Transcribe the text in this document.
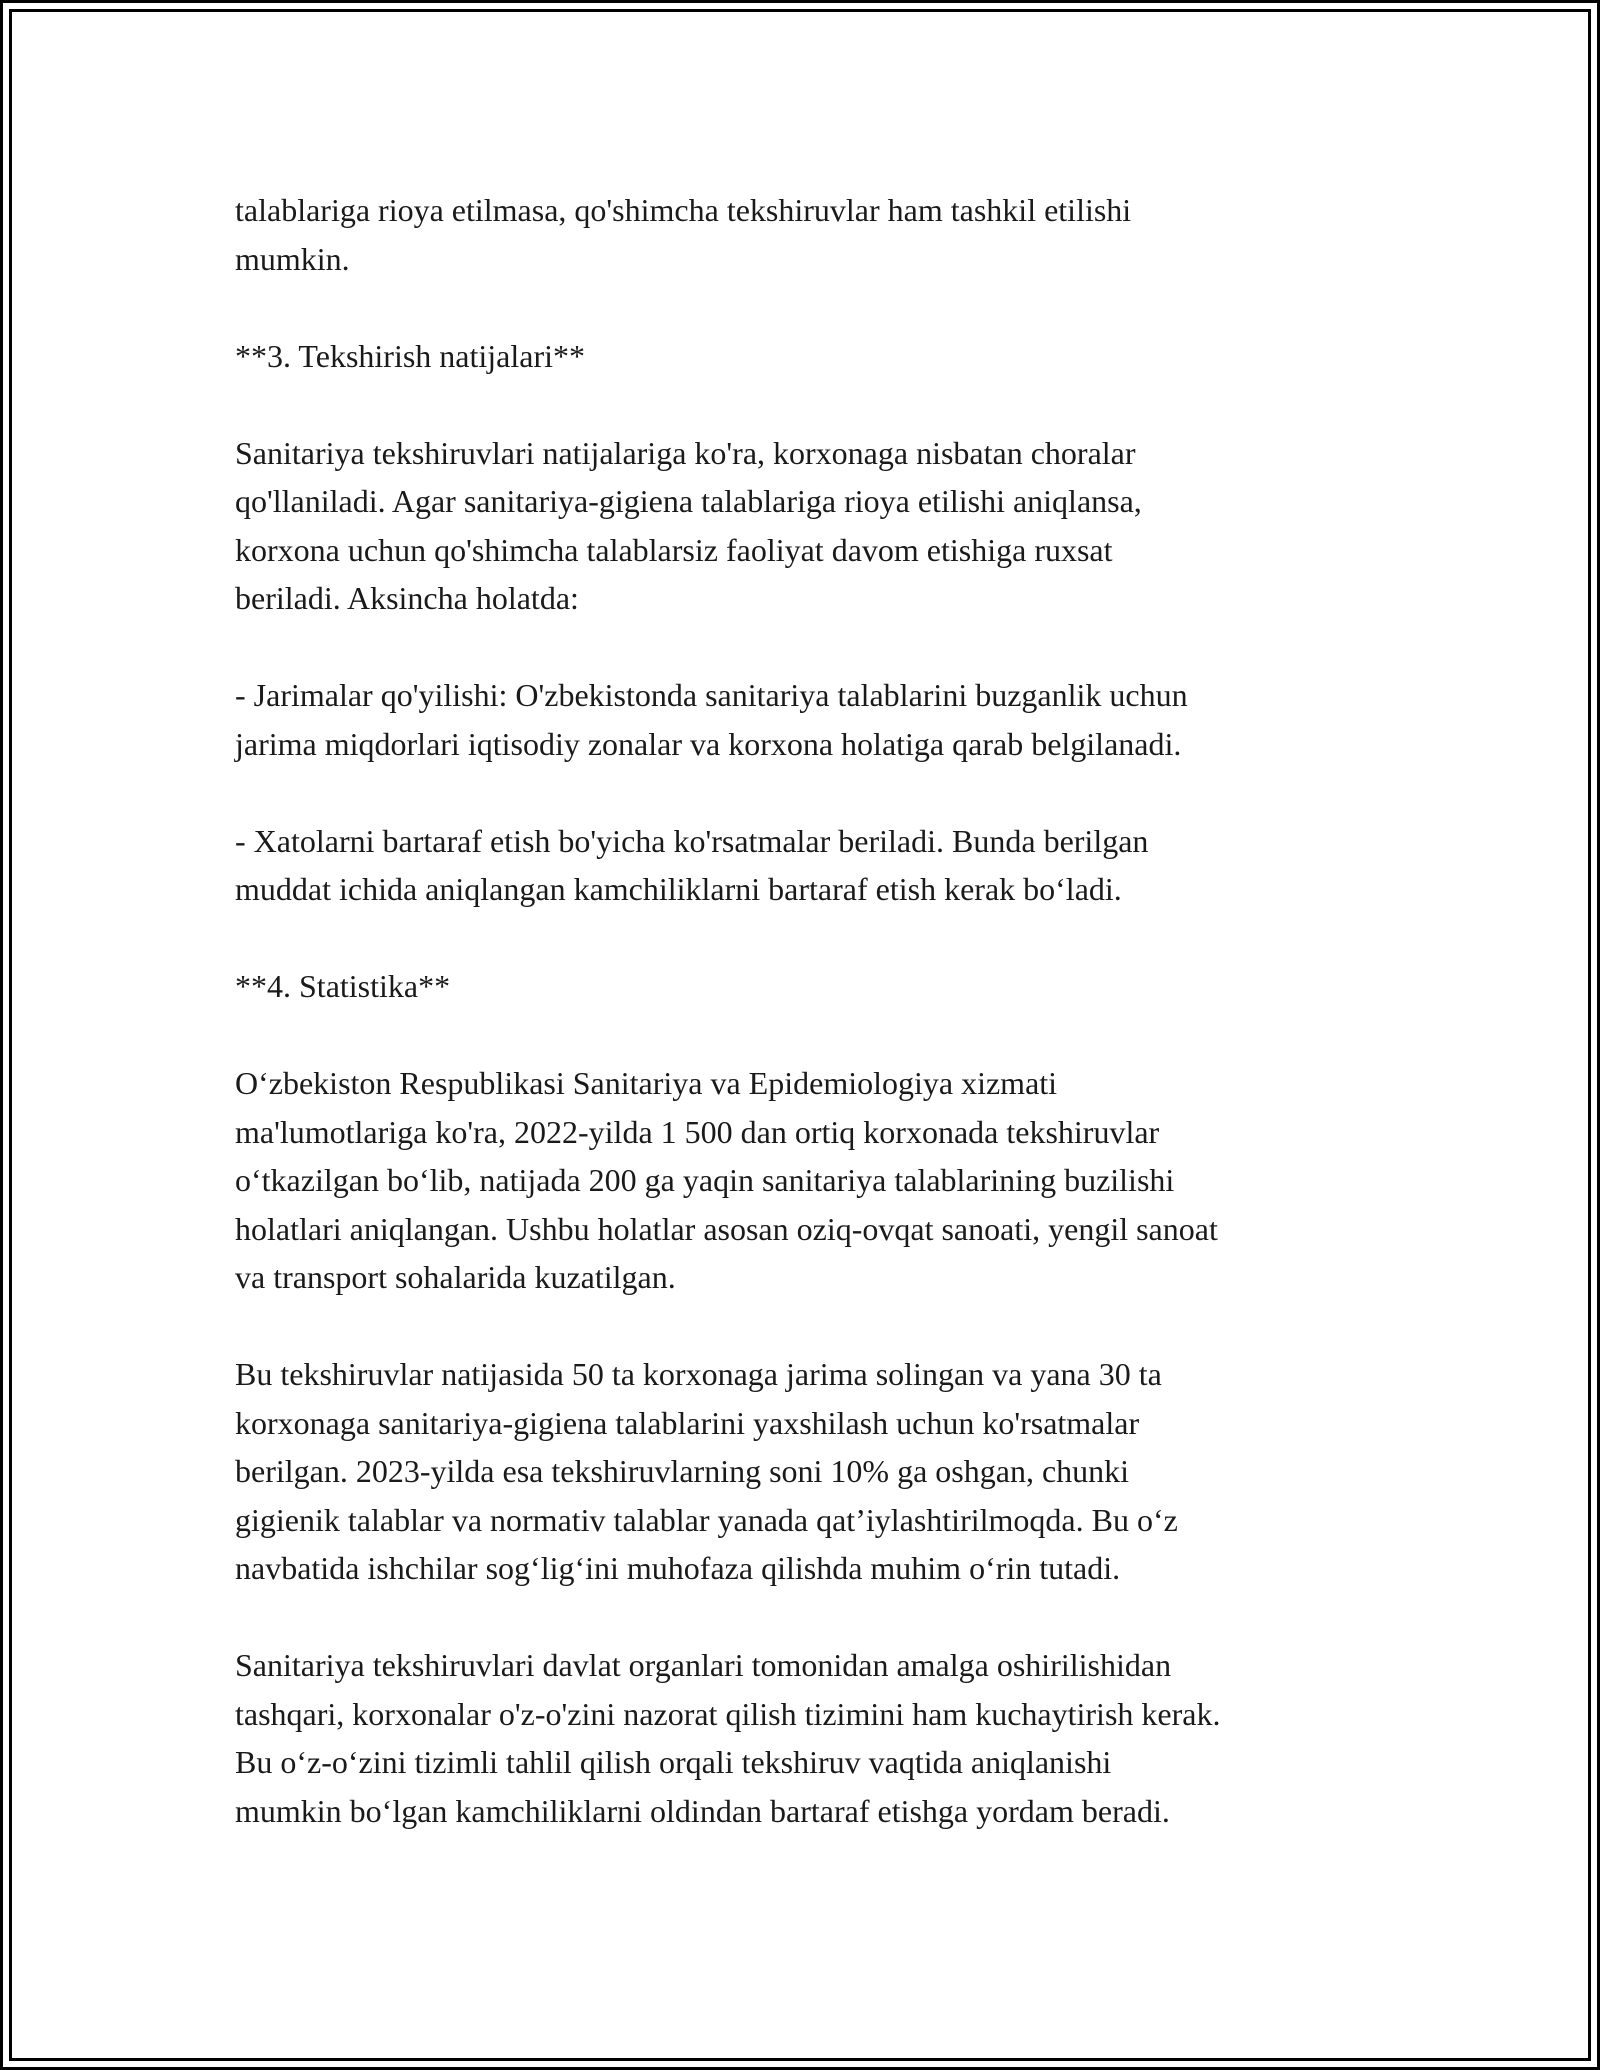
talablariga rioya etilmasa, qo'shimcha tekshiruvlar ham tashkil etilishi
mumkin.

**3. Tekshirish natijalari**

Sanitariya tekshiruvlari natijalariga ko'ra, korxonaga nisbatan choralar
qo'llaniladi. Agar sanitariya-gigiena talablariga rioya etilishi aniqlansa,
korxona uchun qo'shimcha talablarsiz faoliyat davom etishiga ruxsat
beriladi. Aksincha holatda:

- Jarimalar qo'yilishi: O'zbekistonda sanitariya talablarini buzganlik uchun
jarima miqdorlari iqtisodiy zonalar va korxona holatiga qarab belgilanadi.

- Xatolarni bartaraf etish bo'yicha ko'rsatmalar beriladi. Bunda berilgan
muddat ichida aniqlangan kamchiliklarni bartaraf etish kerak bo‘ladi.

**4. Statistika**

O‘zbekiston Respublikasi Sanitariya va Epidemiologiya xizmati
ma'lumotlariga ko'ra, 2022-yilda 1 500 dan ortiq korxonada tekshiruvlar
o‘tkazilgan bo‘lib, natijada 200 ga yaqin sanitariya talablarining buzilishi
holatlari aniqlangan. Ushbu holatlar asosan oziq-ovqat sanoati, yengil sanoat
va transport sohalarida kuzatilgan.

Bu tekshiruvlar natijasida 50 ta korxonaga jarima solingan va yana 30 ta
korxonaga sanitariya-gigiena talablarini yaxshilash uchun ko'rsatmalar
berilgan. 2023-yilda esa tekshiruvlarning soni 10% ga oshgan, chunki
gigienik talablar va normativ talablar yanada qat’iylashtirilmoqda. Bu o‘z
navbatida ishchilar sog‘lig‘ini muhofaza qilishda muhim o‘rin tutadi.

Sanitariya tekshiruvlari davlat organlari tomonidan amalga oshirilishidan
tashqari, korxonalar o'z-o'zini nazorat qilish tizimini ham kuchaytirish kerak.
Bu o‘z-o‘zini tizimli tahlil qilish orqali tekshiruv vaqtida aniqlanishi
mumkin bo‘lgan kamchiliklarni oldindan bartaraf etishga yordam beradi.
